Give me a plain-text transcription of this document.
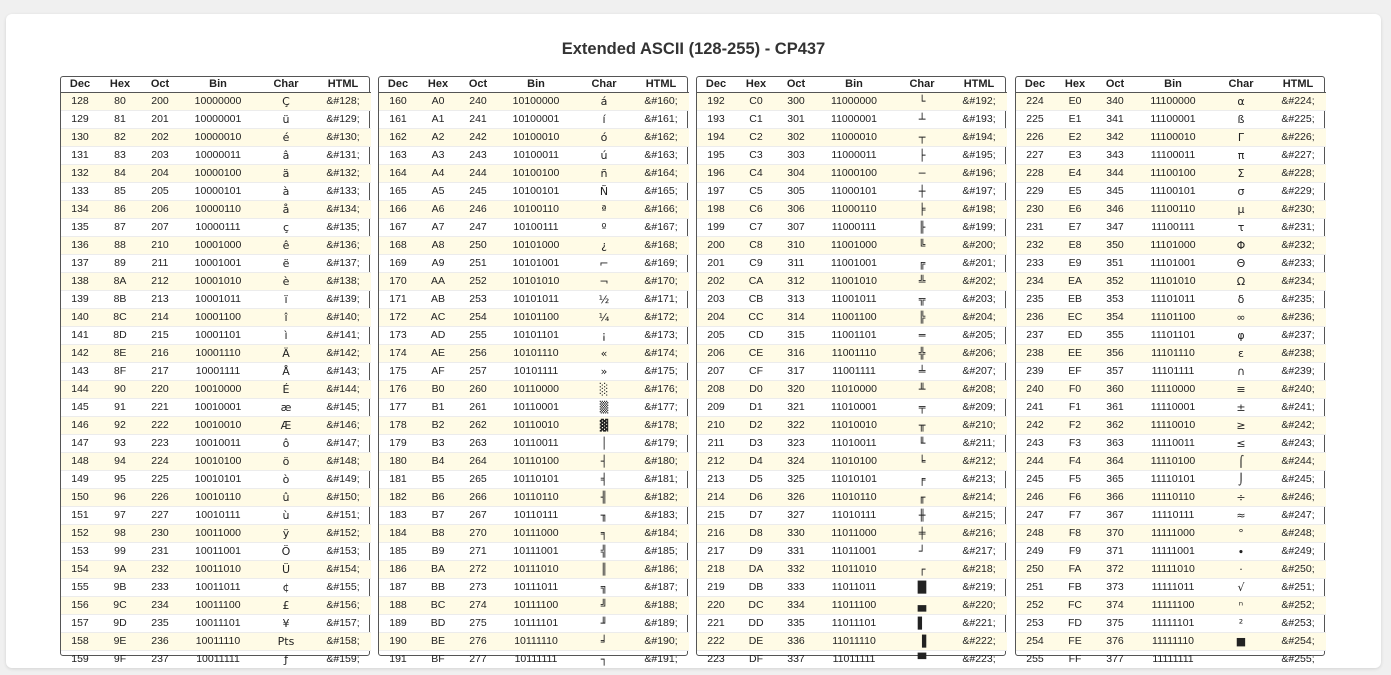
Extended ASCII (128-255) - CP437
Dec	Hex	Oct	Bin	Char	HTML
128	80	200	10000000	Ç	&#128;
129	81	201	10000001	ü	&#129;
130	82	202	10000010	é	&#130;
131	83	203	10000011	â	&#131;
132	84	204	10000100	ä	&#132;
133	85	205	10000101	à	&#133;
134	86	206	10000110	å	&#134;
135	87	207	10000111	ç	&#135;
136	88	210	10001000	ê	&#136;
137	89	211	10001001	ë	&#137;
138	8A	212	10001010	è	&#138;
139	8B	213	10001011	ï	&#139;
140	8C	214	10001100	î	&#140;
141	8D	215	10001101	ì	&#141;
142	8E	216	10001110	Ä	&#142;
143	8F	217	10001111	Å	&#143;
144	90	220	10010000	É	&#144;
145	91	221	10010001	æ	&#145;
146	92	222	10010010	Æ	&#146;
147	93	223	10010011	ô	&#147;
148	94	224	10010100	ö	&#148;
149	95	225	10010101	ò	&#149;
150	96	226	10010110	û	&#150;
151	97	227	10010111	ù	&#151;
152	98	230	10011000	ÿ	&#152;
153	99	231	10011001	Ö	&#153;
154	9A	232	10011010	Ü	&#154;
155	9B	233	10011011	¢	&#155;
156	9C	234	10011100	£	&#156;
157	9D	235	10011101	¥	&#157;
158	9E	236	10011110	Pts	&#158;
159	9F	237	10011111	ƒ	&#159;
Dec	Hex	Oct	Bin	Char	HTML
160	A0	240	10100000	á	&#160;
161	A1	241	10100001	í	&#161;
162	A2	242	10100010	ó	&#162;
163	A3	243	10100011	ú	&#163;
164	A4	244	10100100	ñ	&#164;
165	A5	245	10100101	Ñ	&#165;
166	A6	246	10100110	ª	&#166;
167	A7	247	10100111	º	&#167;
168	A8	250	10101000	¿	&#168;
169	A9	251	10101001	⌐	&#169;
170	AA	252	10101010	¬	&#170;
171	AB	253	10101011	½	&#171;
172	AC	254	10101100	¼	&#172;
173	AD	255	10101101	¡	&#173;
174	AE	256	10101110	«	&#174;
175	AF	257	10101111	»	&#175;
176	B0	260	10110000	░	&#176;
177	B1	261	10110001	▒	&#177;
178	B2	262	10110010	▓	&#178;
179	B3	263	10110011	│	&#179;
180	B4	264	10110100	┤	&#180;
181	B5	265	10110101	╡	&#181;
182	B6	266	10110110	╢	&#182;
183	B7	267	10110111	╖	&#183;
184	B8	270	10111000	╕	&#184;
185	B9	271	10111001	╣	&#185;
186	BA	272	10111010	║	&#186;
187	BB	273	10111011	╗	&#187;
188	BC	274	10111100	╝	&#188;
189	BD	275	10111101	╜	&#189;
190	BE	276	10111110	╛	&#190;
191	BF	277	10111111	┐	&#191;
Dec	Hex	Oct	Bin	Char	HTML
192	C0	300	11000000	└	&#192;
193	C1	301	11000001	┴	&#193;
194	C2	302	11000010	┬	&#194;
195	C3	303	11000011	├	&#195;
196	C4	304	11000100	─	&#196;
197	C5	305	11000101	┼	&#197;
198	C6	306	11000110	╞	&#198;
199	C7	307	11000111	╟	&#199;
200	C8	310	11001000	╚	&#200;
201	C9	311	11001001	╔	&#201;
202	CA	312	11001010	╩	&#202;
203	CB	313	11001011	╦	&#203;
204	CC	314	11001100	╠	&#204;
205	CD	315	11001101	═	&#205;
206	CE	316	11001110	╬	&#206;
207	CF	317	11001111	╧	&#207;
208	D0	320	11010000	╨	&#208;
209	D1	321	11010001	╤	&#209;
210	D2	322	11010010	╥	&#210;
211	D3	323	11010011	╙	&#211;
212	D4	324	11010100	╘	&#212;
213	D5	325	11010101	╒	&#213;
214	D6	326	11010110	╓	&#214;
215	D7	327	11010111	╫	&#215;
216	D8	330	11011000	╪	&#216;
217	D9	331	11011001	┘	&#217;
218	DA	332	11011010	┌	&#218;
219	DB	333	11011011	█	&#219;
220	DC	334	11011100	▄	&#220;
221	DD	335	11011101	▌	&#221;
222	DE	336	11011110	▐	&#222;
223	DF	337	11011111	▀	&#223;
Dec	Hex	Oct	Bin	Char	HTML
224	E0	340	11100000	α	&#224;
225	E1	341	11100001	ß	&#225;
226	E2	342	11100010	Γ	&#226;
227	E3	343	11100011	π	&#227;
228	E4	344	11100100	Σ	&#228;
229	E5	345	11100101	σ	&#229;
230	E6	346	11100110	µ	&#230;
231	E7	347	11100111	τ	&#231;
232	E8	350	11101000	Φ	&#232;
233	E9	351	11101001	Θ	&#233;
234	EA	352	11101010	Ω	&#234;
235	EB	353	11101011	δ	&#235;
236	EC	354	11101100	∞	&#236;
237	ED	355	11101101	φ	&#237;
238	EE	356	11101110	ε	&#238;
239	EF	357	11101111	∩	&#239;
240	F0	360	11110000	≡	&#240;
241	F1	361	11110001	±	&#241;
242	F2	362	11110010	≥	&#242;
243	F3	363	11110011	≤	&#243;
244	F4	364	11110100	⌠	&#244;
245	F5	365	11110101	⌡	&#245;
246	F6	366	11110110	÷	&#246;
247	F7	367	11110111	≈	&#247;
248	F8	370	11111000	°	&#248;
249	F9	371	11111001	∙	&#249;
250	FA	372	11111010	·	&#250;
251	FB	373	11111011	√	&#251;
252	FC	374	11111100	ⁿ	&#252;
253	FD	375	11111101	²	&#253;
254	FE	376	11111110	■	&#254;
255	FF	377	11111111		&#255;
